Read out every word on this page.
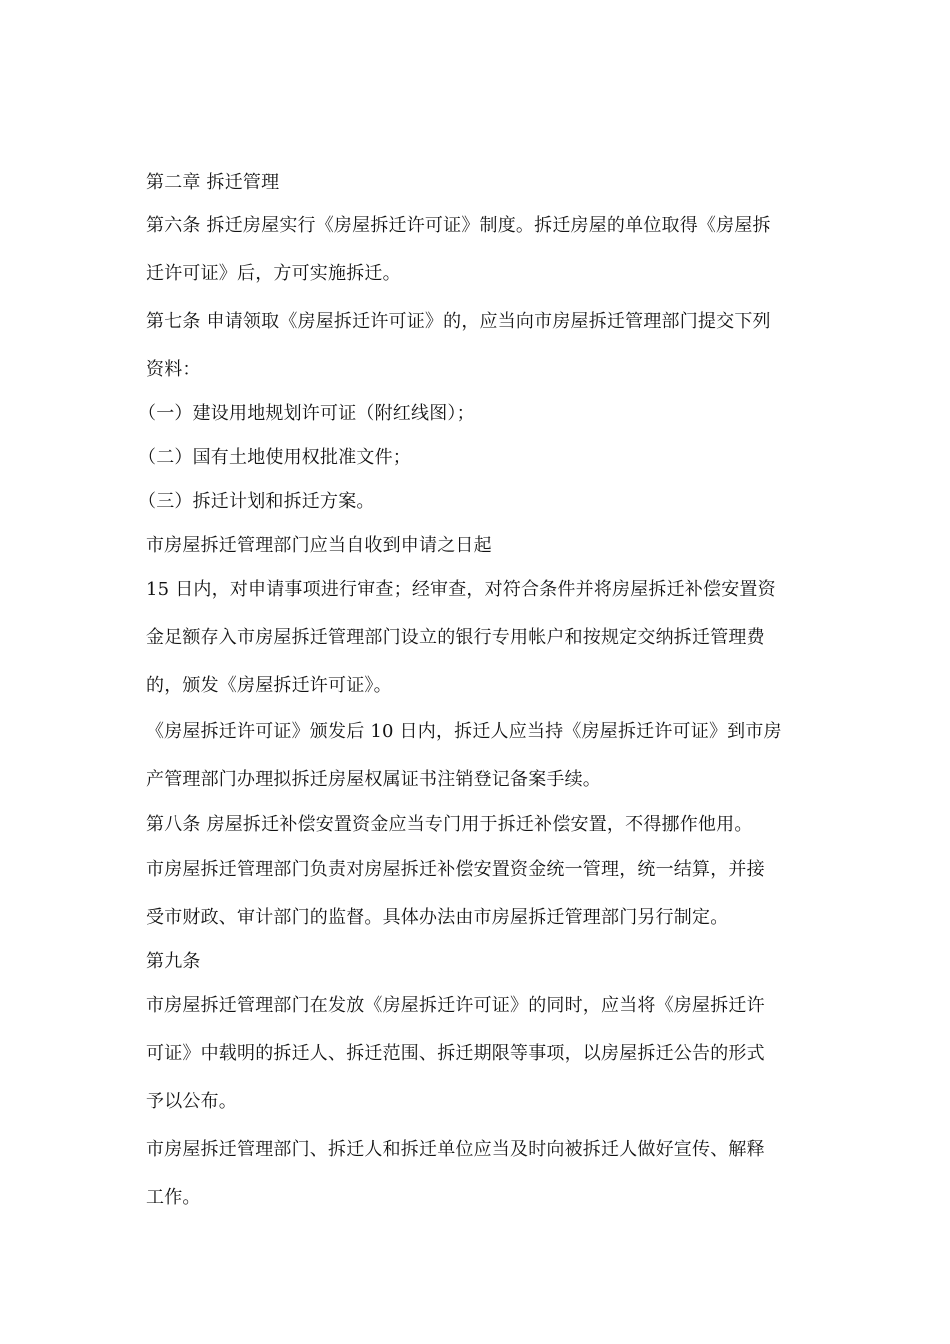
第二章 拆迁管理
第六条 拆迁房屋实行《房屋拆迁许可证》制度。拆迁房屋的单位取得《房屋拆
迁许可证》后，方可实施拆迁。
第七条 申请领取《房屋拆迁许可证》的，应当向市房屋拆迁管理部门提交下列
资料：
（一）建设用地规划许可证（附红线图）；
（二）国有土地使用权批准文件；
（三）拆迁计划和拆迁方案。
市房屋拆迁管理部门应当自收到申请之日起
15 日内，对申请事项进行审查；经审查，对符合条件并将房屋拆迁补偿安置资
金足额存入市房屋拆迁管理部门设立的银行专用帐户和按规定交纳拆迁管理费
的，颁发《房屋拆迁许可证》。
《房屋拆迁许可证》颁发后 10 日内，拆迁人应当持《房屋拆迁许可证》到市房
产管理部门办理拟拆迁房屋权属证书注销登记备案手续。
第八条 房屋拆迁补偿安置资金应当专门用于拆迁补偿安置，不得挪作他用。
市房屋拆迁管理部门负责对房屋拆迁补偿安置资金统一管理，统一结算，并接
受市财政、审计部门的监督。具体办法由市房屋拆迁管理部门另行制定。
第九条
市房屋拆迁管理部门在发放《房屋拆迁许可证》的同时，应当将《房屋拆迁许
可证》中载明的拆迁人、拆迁范围、拆迁期限等事项，以房屋拆迁公告的形式
予以公布。
市房屋拆迁管理部门、拆迁人和拆迁单位应当及时向被拆迁人做好宣传、解释
工作。
